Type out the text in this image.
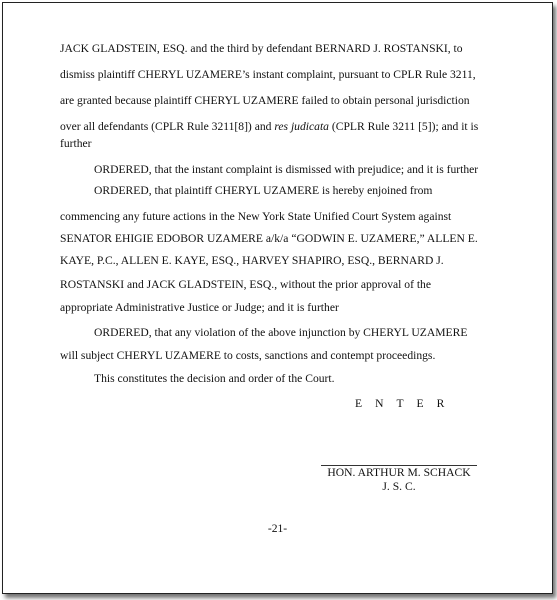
JACK GLADSTEIN, ESQ. and the third by defendant BERNARD J. ROSTANSKI, to
dismiss plaintiff CHERYL UZAMERE’s instant complaint, pursuant to CPLR Rule 3211,
are granted because plaintiff CHERYL UZAMERE failed to obtain personal jurisdiction
over all defendants (CPLR Rule 3211[8]) and res judicata (CPLR Rule 3211 [5]); and it is
further
ORDERED, that the instant complaint is dismissed with prejudice; and it is further
ORDERED, that plaintiff CHERYL UZAMERE is hereby enjoined from
commencing any future actions in the New York State Unified Court System against
SENATOR EHIGIE EDOBOR UZAMERE a/k/a “GODWIN E. UZAMERE,” ALLEN E.
KAYE, P.C., ALLEN E. KAYE, ESQ., HARVEY SHAPIRO, ESQ., BERNARD J.
ROSTANSKI and JACK GLADSTEIN, ESQ., without the prior approval of the
appropriate Administrative Justice or Judge; and it is further
ORDERED, that any violation of the above injunction by CHERYL UZAMERE
will subject CHERYL UZAMERE to costs, sanctions and contempt proceedings.
This constitutes the decision and order of the Court.
ENTER
HON. ARTHUR M. SCHACK
J. S. C.
-21-
